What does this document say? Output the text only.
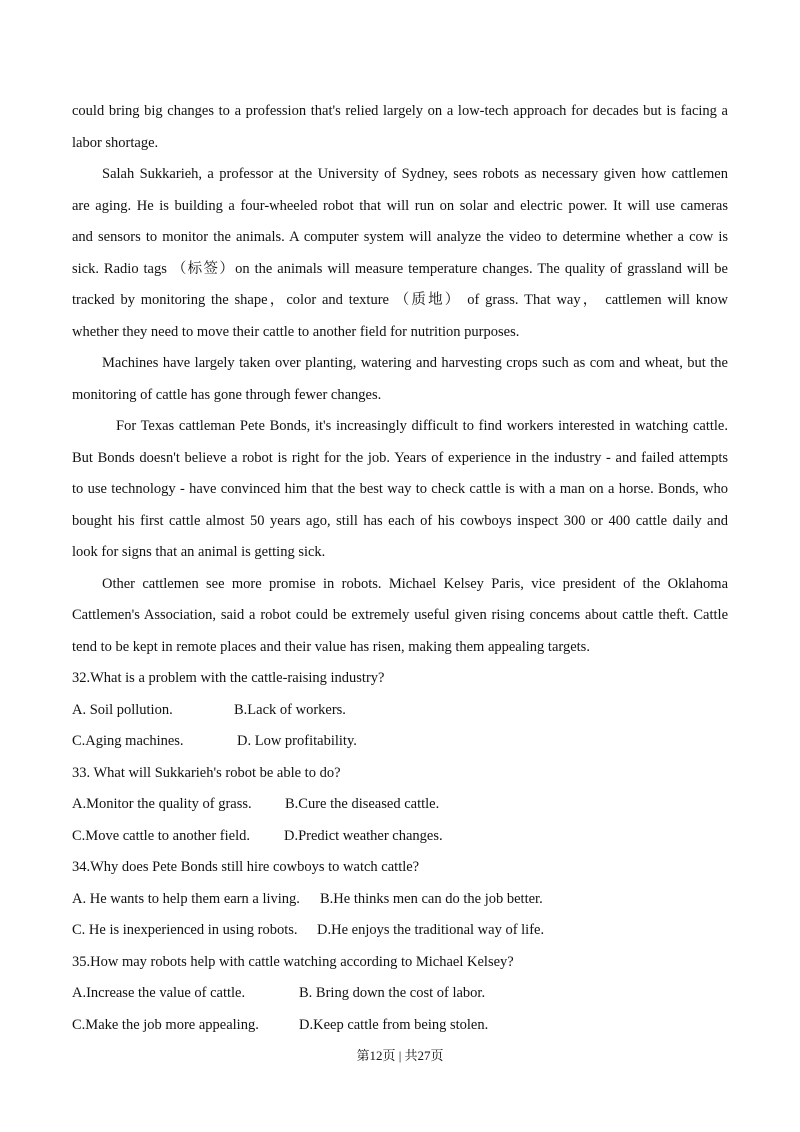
could bring big changes to a profession that's relied largely on a low-tech approach for decades but is facing a

labor shortage.

Salah Sukkarieh, a professor at the University of Sydney, sees robots as necessary given how cattlemen

are aging. He is building a four-wheeled robot that will run on solar and electric power. It will use cameras

and sensors to monitor the animals. A computer system will analyze the video to determine whether a cow is

sick. Radio tags （标签）on the animals will measure temperature changes. The quality of grassland will be

tracked by monitoring the shape，color and texture （质地） of grass. That way， cattlemen will know

whether they need to move their cattle to another field for nutrition purposes.

Machines have largely taken over planting, watering and harvesting crops such as com and wheat, but the

monitoring of cattle has gone through fewer changes.

For Texas cattleman Pete Bonds, it's increasingly difficult to find workers interested in watching cattle.

But Bonds doesn't believe a robot is right for the job. Years of experience in the industry - and failed attempts

to use technology - have convinced him that the best way to check cattle is with a man on a horse. Bonds, who

bought his first cattle almost 50 years ago, still has each of his cowboys inspect 300 or 400 cattle daily and

look for signs that an animal is getting sick.

Other cattlemen see more promise in robots. Michael Kelsey Paris, vice president of the Oklahoma

Cattlemen's Association, said a robot could be extremely useful given rising concems about cattle theft. Cattle

tend to be kept in remote places and their value has risen, making them appealing targets.

32.What is a problem with the cattle-raising industry?

A. Soil pollution.	B.Lack of workers.

C.Aging machines.	D. Low profitability.

33. What will Sukkarieh's robot be able to do?

A.Monitor the quality of grass. B.Cure the diseased cattle.

C.Move cattle to another field. D.Predict weather changes.

34.Why does Pete Bonds still hire cowboys to watch cattle?

A. He wants to help them earn a living. B.He thinks men can do the job better.

C. He is inexperienced in using robots. D.He enjoys the traditional way of life.

35.How may robots help with cattle watching according to Michael Kelsey?

A.Increase the value of cattle.	B. Bring down the cost of labor.

C.Make the job more appealing.	D.Keep cattle from being stolen.

第12页 | 共27页
